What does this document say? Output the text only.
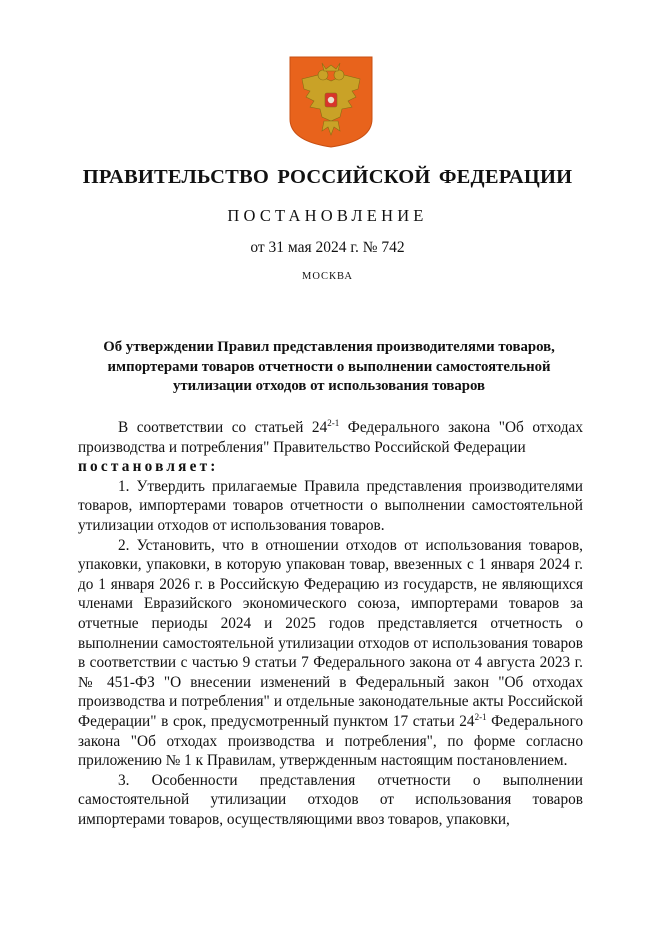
ПРАВИТЕЛЬСТВО РОССИЙСКОЙ ФЕДЕРАЦИИ
ПОСТАНОВЛЕНИЕ
от 31 мая 2024 г. № 742
МОСКВА
Об утверждении Правил представления производителями товаров, импортерами товаров отчетности о выполнении самостоятельной утилизации отходов от использования товаров

В соответствии со статьей 24$^{2-1}$ Федерального закона "Об отходах производства и потребления" Правительство Российской Федерации

постановляет:

1. Утвердить прилагаемые Правила представления производителями товаров, импортерами товаров отчетности о выполнении самостоятельной утилизации отходов от использования товаров.

2. Установить, что в отношении отходов от использования товаров, упаковки, упаковки, в которую упакован товар, ввезенных с 1 января 2024 г. до 1 января 2026 г. в Российскую Федерацию из государств, не являющихся членами Евразийского экономического союза, импортерами товаров за отчетные периоды 2024 и 2025 годов представляется отчетность о выполнении самостоятельной утилизации отходов от использования товаров в соответствии с частью 9 статьи 7 Федерального закона от 4 августа 2023 г. № 451-ФЗ "О внесении изменений в Федеральный закон "Об отходах производства и потребления" и отдельные законодательные акты Российской Федерации" в срок, предусмотренный пунктом 17 статьи 24$^{2-1}$ Федерального закона "Об отходах производства и потребления", по форме согласно приложению № 1 к Правилам, утвержденным настоящим постановлением.

3. Особенности представления отчетности о выполнении самостоятельной утилизации отходов от использования товаров импортерами товаров, осуществляющими ввоз товаров, упаковки,
